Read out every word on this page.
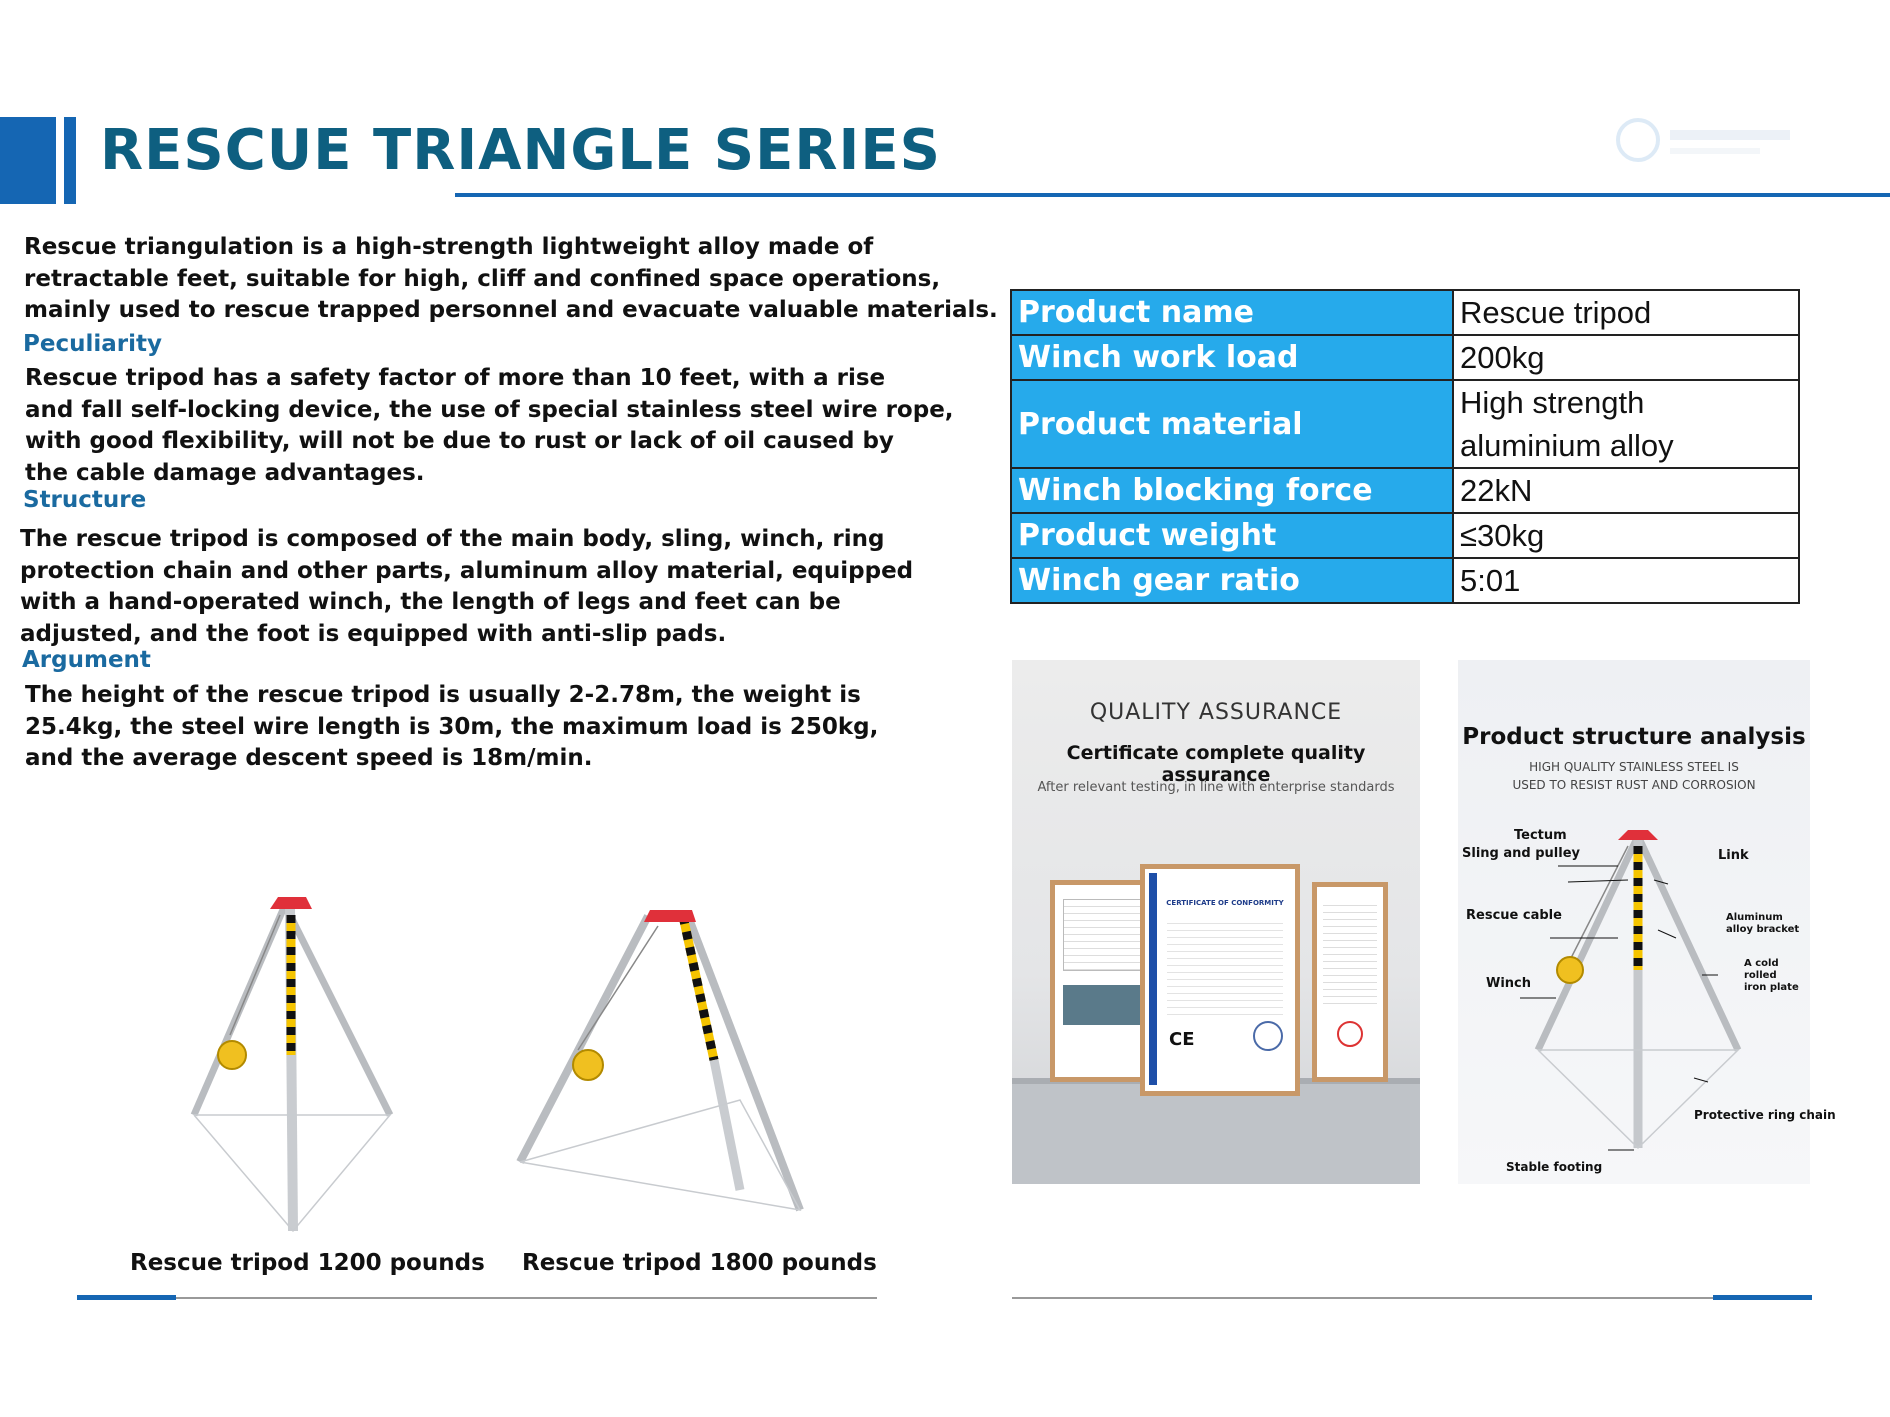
RESCUE TRIANGLE SERIES
Rescue triangulation is a high-strength lightweight alloy made of
retractable feet, suitable for high, cliff and confined space operations,
mainly used to rescue trapped personnel and evacuate valuable materials.
Peculiarity
Rescue tripod has a safety factor of more than 10 feet, with a rise
and fall self-locking device, the use of special stainless steel wire rope,
with good flexibility, will not be due to rust or lack of oil caused by
the cable damage advantages.
Structure
The rescue tripod is composed of the main body, sling, winch, ring
protection chain and other parts, aluminum alloy material, equipped
with a hand-operated winch, the length of legs and feet can be
adjusted, and the foot is equipped with anti-slip pads.
Argument
The height of the rescue tripod is usually 2-2.78m, the weight is
25.4kg, the steel wire length is 30m, the maximum load is 250kg,
and the average descent speed is 18m/min.
Product name	Rescue tripod
Winch work load	200kg
Product material	High strength aluminium alloy
Winch blocking force	22kN
Product weight	≤30kg
Winch gear ratio	5:01
QUALITY ASSURANCE
Certificate complete quality assurance
After relevant testing, in line with enterprise standards
CERTIFICATE OF CONFORMITY
CE
Product structure analysis
HIGH QUALITY STAINLESS STEEL IS
USED TO RESIST RUST AND CORROSION
Tectum
Sling and pulley	Link
Rescue cable	Aluminum
alloy bracket
A cold rolled
iron plate
Winch
Protective ring chain
Stable footing
Rescue tripod 1200 pounds Rescue tripod 1800 pounds
